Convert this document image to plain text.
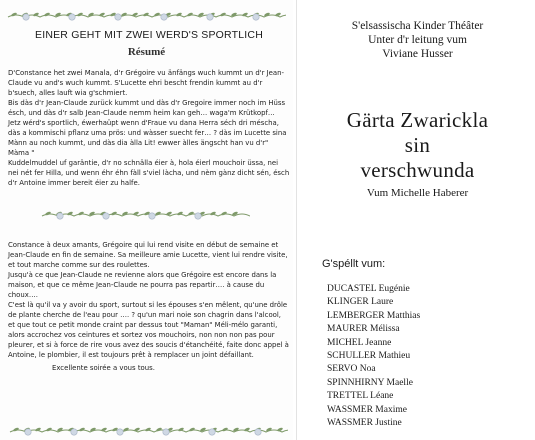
EINER GEHT MIT ZWEI WERD'S SPORTLICH
Résumé

D'Constance het zwei Manala, d'r Grégoire vu änfängs wuch kummt un d'r Jean-Claude vu and's wuch kummt. S'Lucette ehri bescht frendin kummt au d'r b'suech, alles lauft wia g'schmiert.

Bis dàs d'r Jean-Claude zurück kummt und dàs d'r Gregoire immer noch im Hüss ésch, und dàs d'r salb Jean-Claude nemm heim kan geh… waga'm Krütkopf…

Jetz wérd's sportlich, éwerhaüpt wenn d'Fraue vu dana Herra séch dri méscha, dàs a kommischi pflanz uma prös: und wàsser suecht fer… ? dàs im Lucette sina Mànn au noch kummt, und dàs dia àlla Lit! ewwer àlles ängscht han vu d'r" Màma "

Kuddelmuddel uf garäntie, d'r no schnälla éier à, hola éierl mouchoir üssa, nei nei nét fer Hilla, und wenn éhr éhn fàll s'viel làcha, und nèm gànz dicht sén, ésch d'r Antoine immer bereit éier zu halfe.

Constance à deux amants, Grégoire qui lui rend visite en début de semaine et Jean-Claude en fin de semaine. Sa meilleure amie Lucette, vient lui rendre visite, et tout marche comme sur des roulettes.

Jusqu'à ce que Jean-Claude ne revienne alors que Grégoire est encore dans la maison, et que ce même Jean-Claude ne pourra pas repartir…. à cause du choux….

C'est là qu'il va y avoir du sport, surtout si les épouses s'en mêlent, qu'une drôle de plante cherche de l'eau pour …. ? qu'un mari noie son chagrin dans l'alcool, et que tout ce petit monde craint par dessus tout "Maman" Méli-mélo garanti, alors accrochez vos ceintures et sortez vos mouchoirs, non non non pas pour pleurer, et si à force de rire vous avez des soucis d'étanchéité, faite donc appel à Antoine, le plombier, il est toujours prêt à remplacer un joint défaillant.

Excellente soirée a vous tous.

S'elsassischa Kinder Théâter
Unter d'r leitung vum
Viviane Husser
Gärta Zwarickla
sin
verschwunda
Vum Michelle Haberer
G'spéllt vum:
DUCASTEL Eugénie
KLINGER Laure
LEMBERGER Matthias
MAURER Mélissa
MICHEL Jeanne
SCHULLER Mathieu
SERVO Noa
SPINNHIRNY Maelle
TRETTEL Léane
WASSMER Maxime
WASSMER Justine
